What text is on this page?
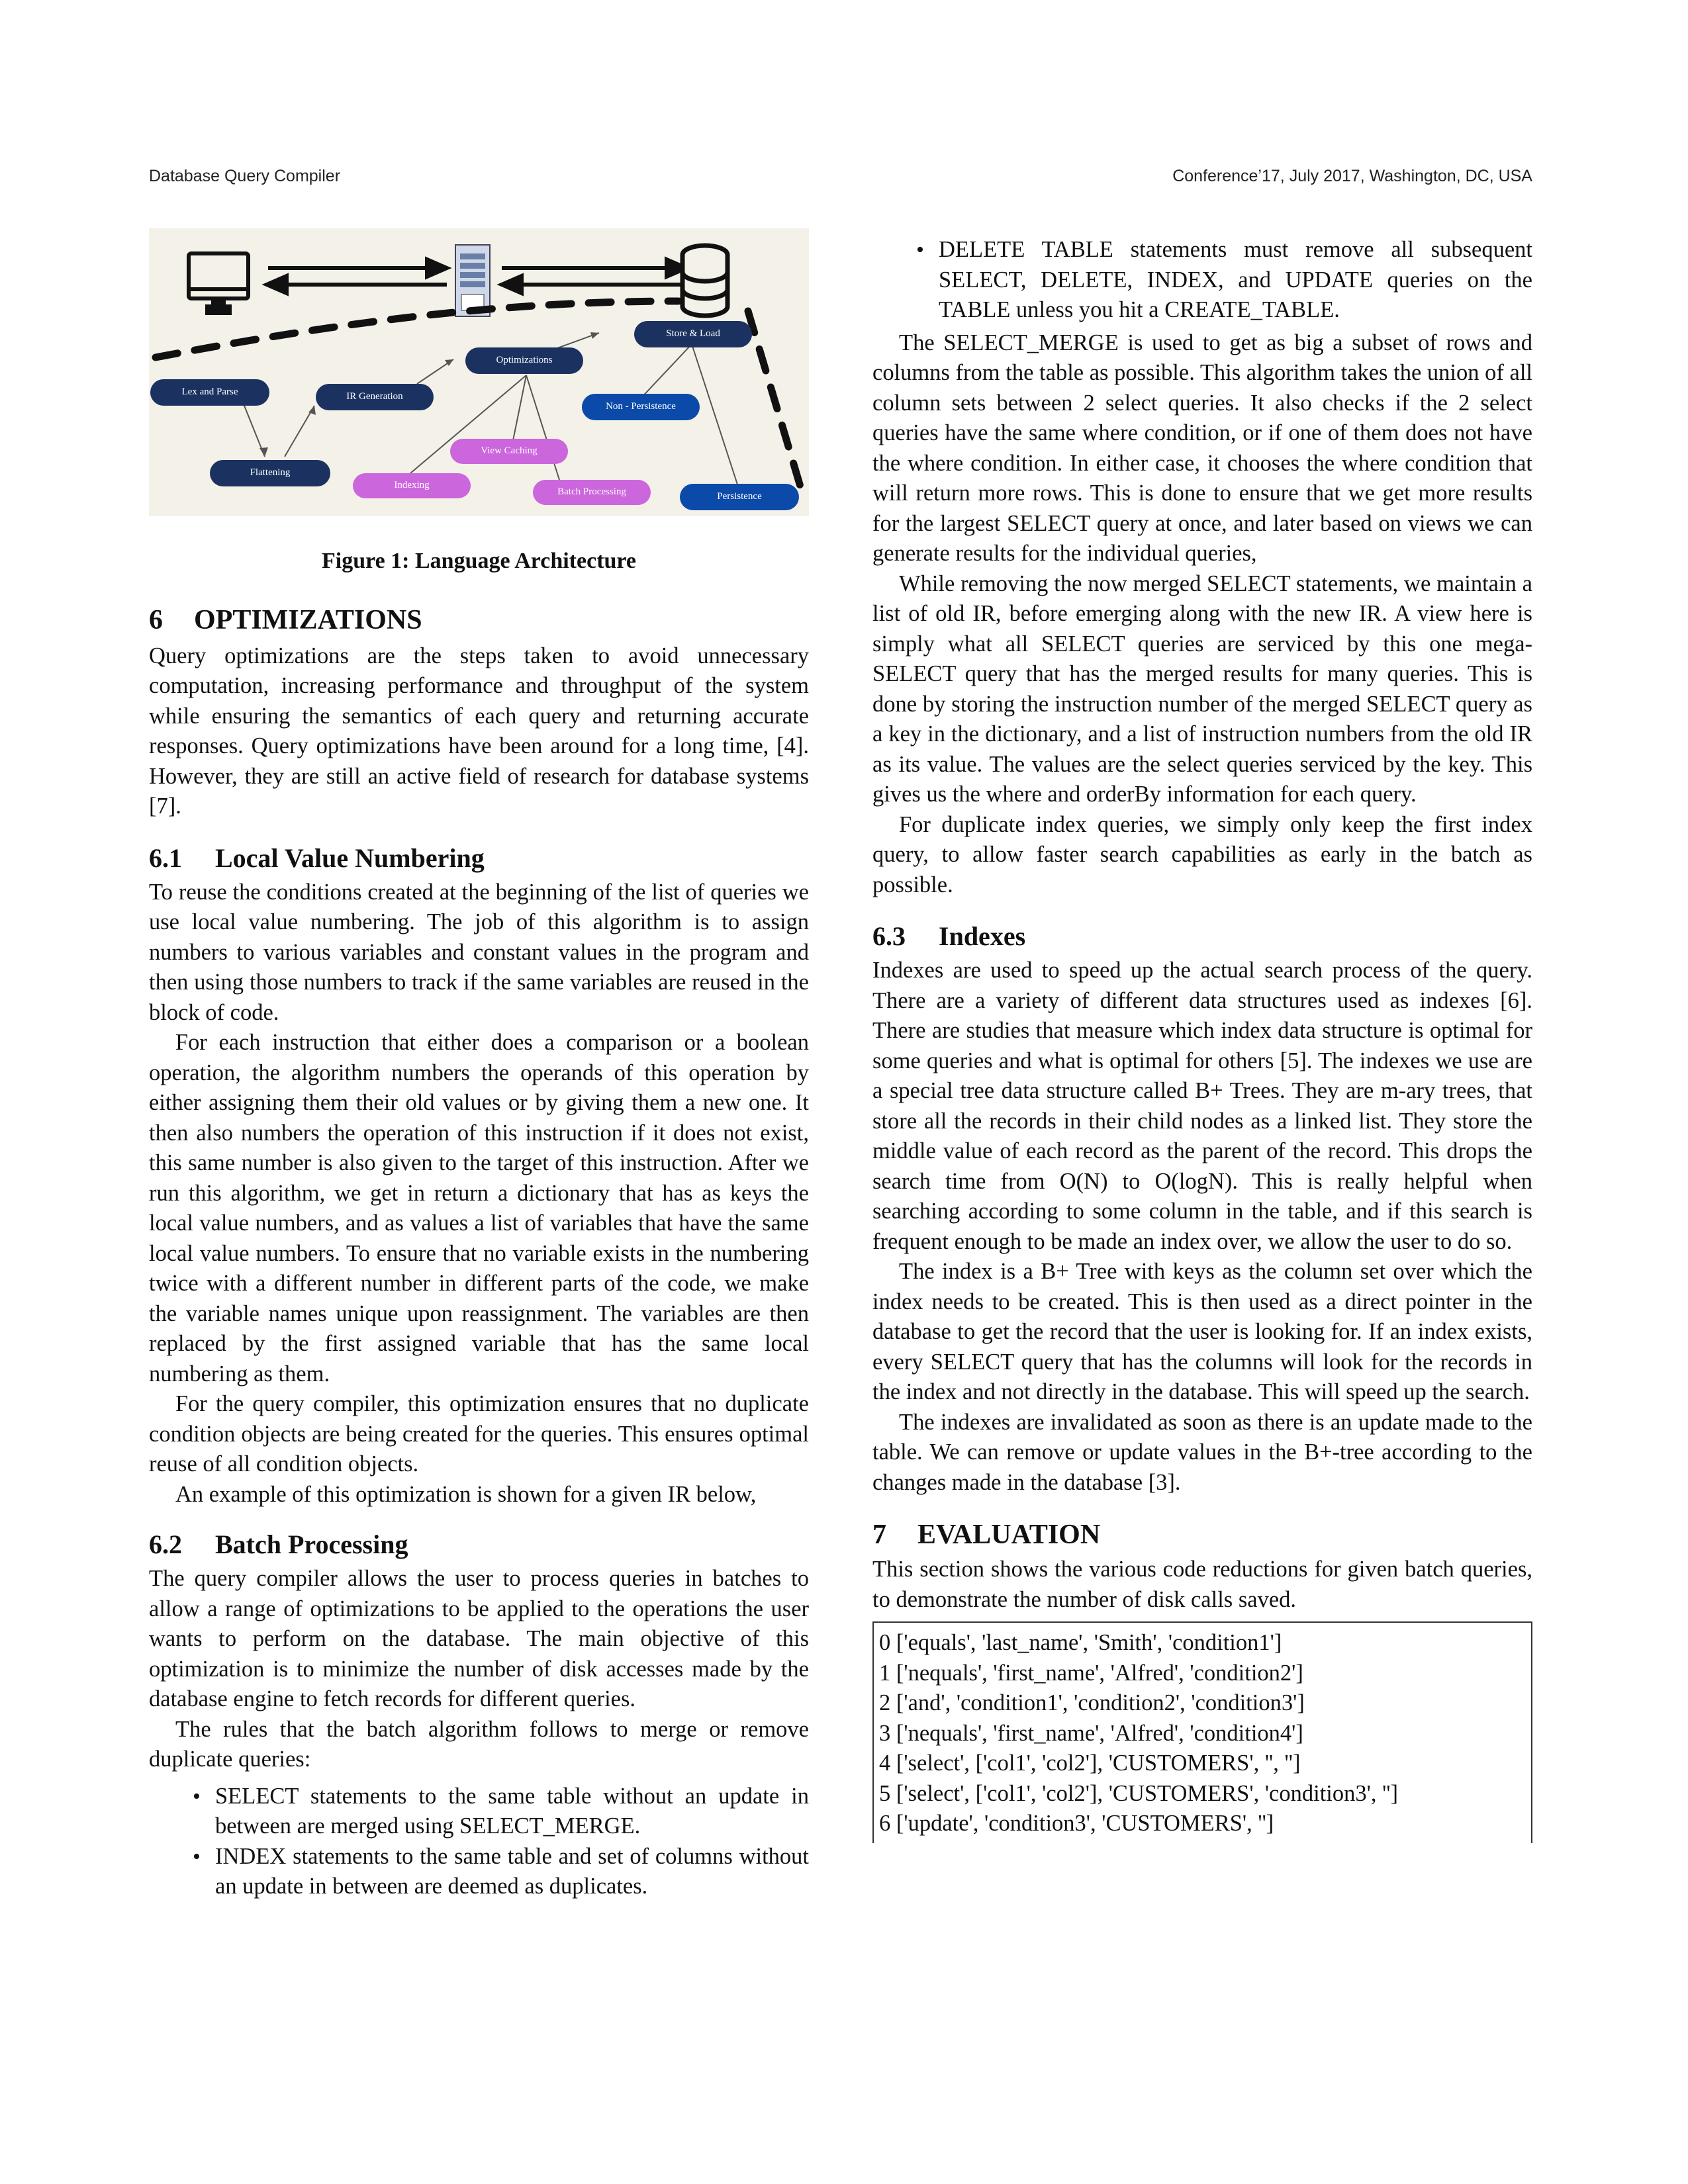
Database Query Compiler	Conference’17, July 2017, Washington, DC, USA
Lex and Parse
Flattening
IR Generation
Optimizations
Indexing
View Caching
Batch Processing
Store & Load
Non - Persistence
Persistence
Figure 1: Language Architecture
6 OPTIMIZATIONS

Query optimizations are the steps taken to avoid unnecessary computation, increasing performance and throughput of the system while ensuring the semantics of each query and returning accurate responses. Query optimizations have been around for a long time, [4]. However, they are still an active field of research for database systems [7].

6.1 Local Value Numbering

To reuse the conditions created at the beginning of the list of queries we use local value numbering. The job of this algorithm is to assign numbers to various variables and constant values in the program and then using those numbers to track if the same variables are reused in the block of code.

For each instruction that either does a comparison or a boolean operation, the algorithm numbers the operands of this operation by either assigning them their old values or by giving them a new one. It then also numbers the operation of this instruction if it does not exist, this same number is also given to the target of this instruction. After we run this algorithm, we get in return a dictionary that has as keys the local value numbers, and as values a list of variables that have the same local value numbers. To ensure that no variable exists in the numbering twice with a different number in different parts of the code, we make the variable names unique upon reassignment. The variables are then replaced by the first assigned variable that has the same local numbering as them.

For the query compiler, this optimization ensures that no duplicate condition objects are being created for the queries. This ensures optimal reuse of all condition objects.

An example of this optimization is shown for a given IR below,

6.2 Batch Processing

The query compiler allows the user to process queries in batches to allow a range of optimizations to be applied to the operations the user wants to perform on the database. The main objective of this optimization is to minimize the number of disk accesses made by the database engine to fetch records for different queries.

The rules that the batch algorithm follows to merge or remove duplicate queries:

• SELECT statements to the same table without an update in between are merged using SELECT_MERGE.
• INDEX statements to the same table and set of columns without an update in between are deemed as duplicates.
• DELETE TABLE statements must remove all subsequent SELECT, DELETE, INDEX, and UPDATE queries on the TABLE unless you hit a CREATE_TABLE.

The SELECT_MERGE is used to get as big a subset of rows and columns from the table as possible. This algorithm takes the union of all column sets between 2 select queries. It also checks if the 2 select queries have the same where condition, or if one of them does not have the where condition. In either case, it chooses the where condition that will return more rows. This is done to ensure that we get more results for the largest SELECT query at once, and later based on views we can generate results for the individual queries,

While removing the now merged SELECT statements, we maintain a list of old IR, before emerging along with the new IR. A view here is simply what all SELECT queries are serviced by this one mega-SELECT query that has the merged results for many queries. This is done by storing the instruction number of the merged SELECT query as a key in the dictionary, and a list of instruction numbers from the old IR as its value. The values are the select queries serviced by the key. This gives us the where and orderBy information for each query.

For duplicate index queries, we simply only keep the first index query, to allow faster search capabilities as early in the batch as possible.

6.3 Indexes

Indexes are used to speed up the actual search process of the query. There are a variety of different data structures used as indexes [6]. There are studies that measure which index data structure is optimal for some queries and what is optimal for others [5]. The indexes we use are a special tree data structure called B+ Trees. They are m-ary trees, that store all the records in their child nodes as a linked list. They store the middle value of each record as the parent of the record. This drops the search time from O(N) to O(logN). This is really helpful when searching according to some column in the table, and if this search is frequent enough to be made an index over, we allow the user to do so.

The index is a B+ Tree with keys as the column set over which the index needs to be created. This is then used as a direct pointer in the database to get the record that the user is looking for. If an index exists, every SELECT query that has the columns will look for the records in the index and not directly in the database. This will speed up the search.

The indexes are invalidated as soon as there is an update made to the table. We can remove or update values in the B+-tree according to the changes made in the database [3].

7 EVALUATION

This section shows the various code reductions for given batch queries, to demonstrate the number of disk calls saved.

0 ['equals', 'last_name', 'Smith', 'condition1']
1 ['nequals', 'first_name', 'Alfred', 'condition2']
2 ['and', 'condition1', 'condition2', 'condition3']
3 ['nequals', 'first_name', 'Alfred', 'condition4']
4 ['select', ['col1', 'col2'], 'CUSTOMERS', '', '']
5 ['select', ['col1', 'col2'], 'CUSTOMERS', 'condition3', '']
6 ['update', 'condition3', 'CUSTOMERS', '']
